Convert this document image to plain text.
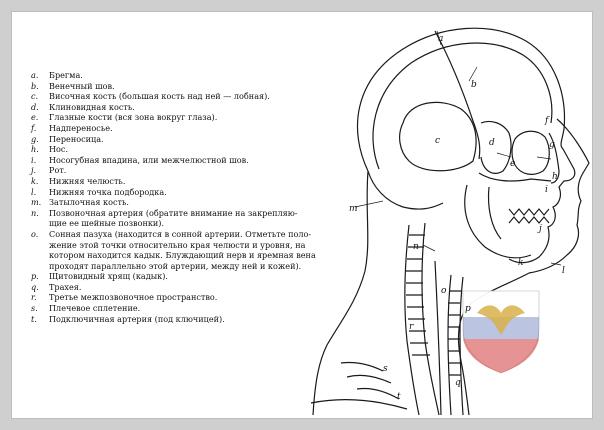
a.	Брегма.
b.	Венечный шов.
c.	Височная кость (большая кость над ней — лобная).
d.	Клиновидная кость.
e.	Глазные кости (вся зона вокруг глаза).
f.	Надпереносье.
g.	Переносица.
h.	Нос.
i.	Носогубная впадина, или межчелюстной шов.
j.	Рот.
k.	Нижняя челюсть.
l.	Нижняя точка подбородка.
m. Затылочная кость.
n.	Позвоночная артерия (обратите внимание на закрепляю-
щие ее шейные позвонки).
o.	Сонная пазуха (находится в сонной артерии. Отметьте поло-
жение этой точки относительно края челюсти и уровня, на
котором находится кадык. Блуждающий нерв и яремная вена
проходят параллельно этой артерии, между ней и кожей).
p.	Щитовидный хрящ (кадык).
q.	Трахея.
r.	Третье межпозвоночное пространство.
s.	Плечевое сплетение.
t.	Подключичная артерия (под ключицей).
a
b
c	d
e
f
g
h
i
j
k
l
m
n
o
p
q
r
s
t
